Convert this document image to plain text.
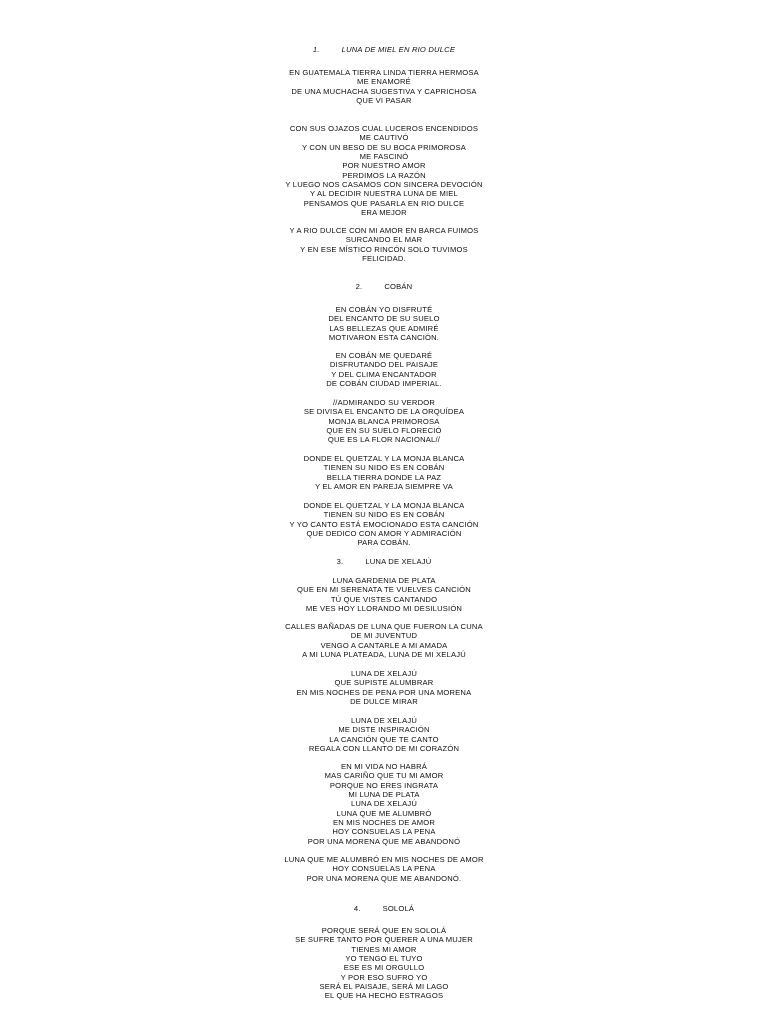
1.	LUNA DE MIEL EN RIO DULCE
EN GUATEMALA TIERRA LINDA TIERRA HERMOSA
ME ENAMORÉ
DE UNA MUCHACHA SUGESTIVA Y CAPRICHOSA
QUE VI PASAR
CON SUS OJAZOS CUAL LUCEROS ENCENDIDOS
ME CAUTIVÓ
Y CON UN BESO DE SU BOCA PRIMOROSA
ME FASCINÓ
POR NUESTRO AMOR
PERDIMOS LA RAZÓN
Y LUEGO NOS CASAMOS CON SINCERA DEVOCIÓN
Y AL DECIDIR NUESTRA LUNA DE MIEL
PENSAMOS QUE PASARLA EN RIO DULCE
ERA MEJOR
Y A RIO DULCE CON MI AMOR EN BARCA FUIMOS
SURCANDO EL MAR
Y EN ESE MÍSTICO RINCÓN SOLO TUVIMOS
FELICIDAD.
2.	COBÁN
EN COBÁN YO DISFRUTÉ
DEL ENCANTO DE SU SUELO
LAS BELLEZAS QUE ADMIRÉ
MOTIVARON ESTA CANCIÓN.
EN COBÁN ME QUEDARÉ
DISFRUTANDO DEL PAISAJE
Y DEL CLIMA ENCANTADOR
DE COBÁN CIUDAD IMPERIAL.
//ADMIRANDO SU VERDOR
SE DIVISA EL ENCANTO DE LA ORQUÍDEA
MONJA BLANCA PRIMOROSA
QUE EN SU SUELO FLORECIÓ
QUE ES LA FLOR NACIONAL//
DONDE EL QUETZAL Y LA MONJA BLANCA
TIENEN SU NIDO ES EN COBÁN
BELLA TIERRA DONDE LA PAZ
Y EL AMOR EN PAREJA SIEMPRE VA
DONDE EL QUETZAL Y LA MONJA BLANCA
TIENEN SU NIDO ES EN COBÁN
Y YO CANTO ESTÁ EMOCIONADO ESTA CANCIÓN
QUE DEDICO CON AMOR Y ADMIRACIÓN
PARA COBÁN.
3.	LUNA DE XELAJÚ
LUNA GARDENIA DE PLATA
QUE EN MI SERENATA TE VUELVES CANCIÓN
TÚ QUE VISTES CANTANDO
ME VES HOY LLORANDO MI DESILUSIÓN
CALLES BAÑADAS DE LUNA QUE FUERON LA CUNA
DE MI JUVENTUD
VENGO A CANTARLE A MI AMADA
A MI LUNA PLATEADA, LUNA DE MI XELAJÚ
LUNA DE XELAJÚ
QUE SUPISTE ALUMBRAR
EN MIS NOCHES DE PENA POR UNA MORENA
DE DULCE MIRAR
LUNA DE XELAJÚ
ME DISTE INSPIRACIÓN
LA CANCIÓN QUE TE CANTO
REGALA CON LLANTO DE MI CORAZÓN
EN MI VIDA NO HABRÁ
MAS CARIÑO QUE TU MI AMOR
PORQUE NO ERES INGRATA
MI LUNA DE PLATA
LUNA DE XELAJÚ
LUNA QUE ME ALUMBRÓ
EN MIS NOCHES DE AMOR
HOY CONSUELAS LA PENA
POR UNA MORENA QUE ME ABANDONÓ
LUNA QUE ME ALUMBRÓ EN MIS NOCHES DE AMOR
HOY CONSUELAS LA PENA
POR UNA MORENA QUE ME ABANDONÓ.
4.	SOLOLÁ
PORQUE SERÁ QUE EN SOLOLÁ
SE SUFRE TANTO POR QUERER A UNA MUJER
TIENES MI AMOR
YO TENGO EL TUYO
ESE ES MI ORGULLO
Y POR ESO SUFRO YO
SERÁ EL PAISAJE, SERÁ MI LAGO
EL QUE HA HECHO ESTRAGOS
